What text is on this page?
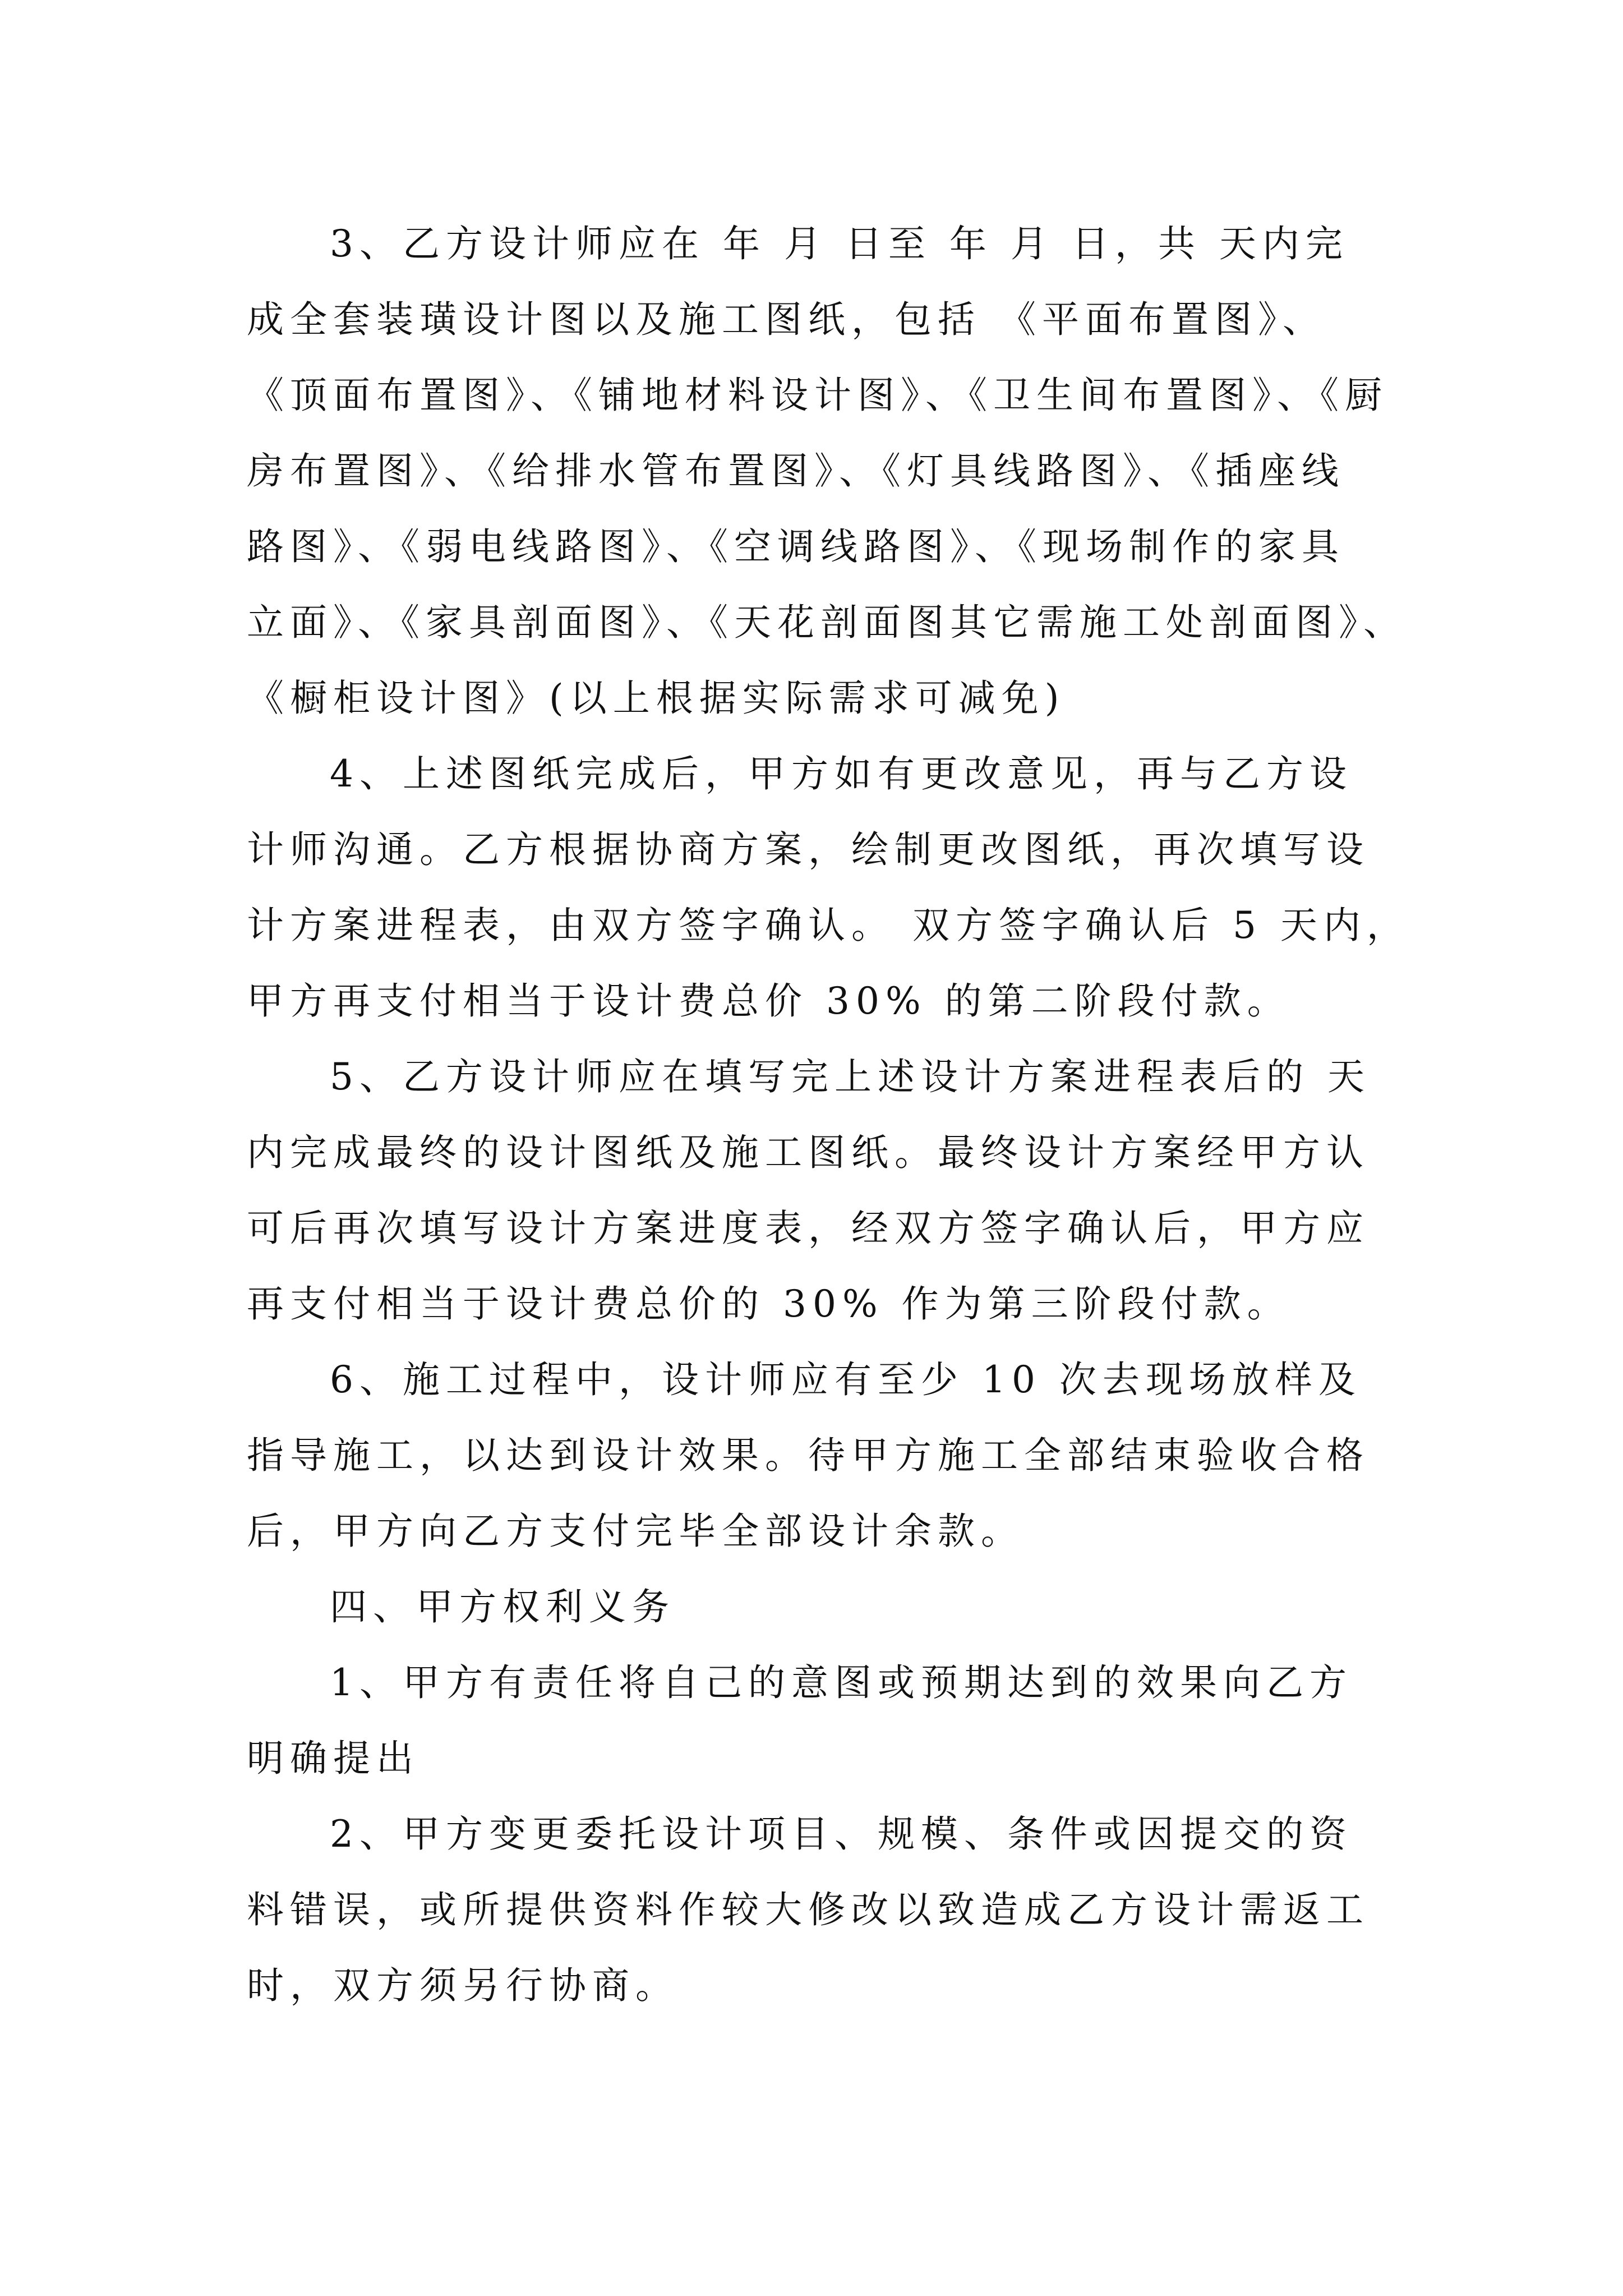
3、乙方设计师应在 年 月 日至 年 月 日，共 天内完
成全套装璜设计图以及施工图纸，包括 《平面布置图》、
《顶面布置图》、《铺地材料设计图》、《卫生间布置图》、《厨
房布置图》、《给排水管布置图》、《灯具线路图》、《插座线
路图》、《弱电线路图》、《空调线路图》、《现场制作的家具
立面》、《家具剖面图》、《天花剖面图其它需施工处剖面图》、
《橱柜设计图》(以上根据实际需求可减免)
4、上述图纸完成后，甲方如有更改意见，再与乙方设
计师沟通。乙方根据协商方案，绘制更改图纸，再次填写设
计方案进程表，由双方签字确认。 双方签字确认后 5 天内，
甲方再支付相当于设计费总价 30% 的第二阶段付款。
5、乙方设计师应在填写完上述设计方案进程表后的 天
内完成最终的设计图纸及施工图纸。最终设计方案经甲方认
可后再次填写设计方案进度表，经双方签字确认后，甲方应
再支付相当于设计费总价的 30% 作为第三阶段付款。
6、施工过程中，设计师应有至少 10 次去现场放样及
指导施工，以达到设计效果。待甲方施工全部结束验收合格
后，甲方向乙方支付完毕全部设计余款。
四、甲方权利义务
1、甲方有责任将自己的意图或预期达到的效果向乙方
明确提出
2、甲方变更委托设计项目、规模、条件或因提交的资
料错误，或所提供资料作较大修改以致造成乙方设计需返工
时，双方须另行协商。
